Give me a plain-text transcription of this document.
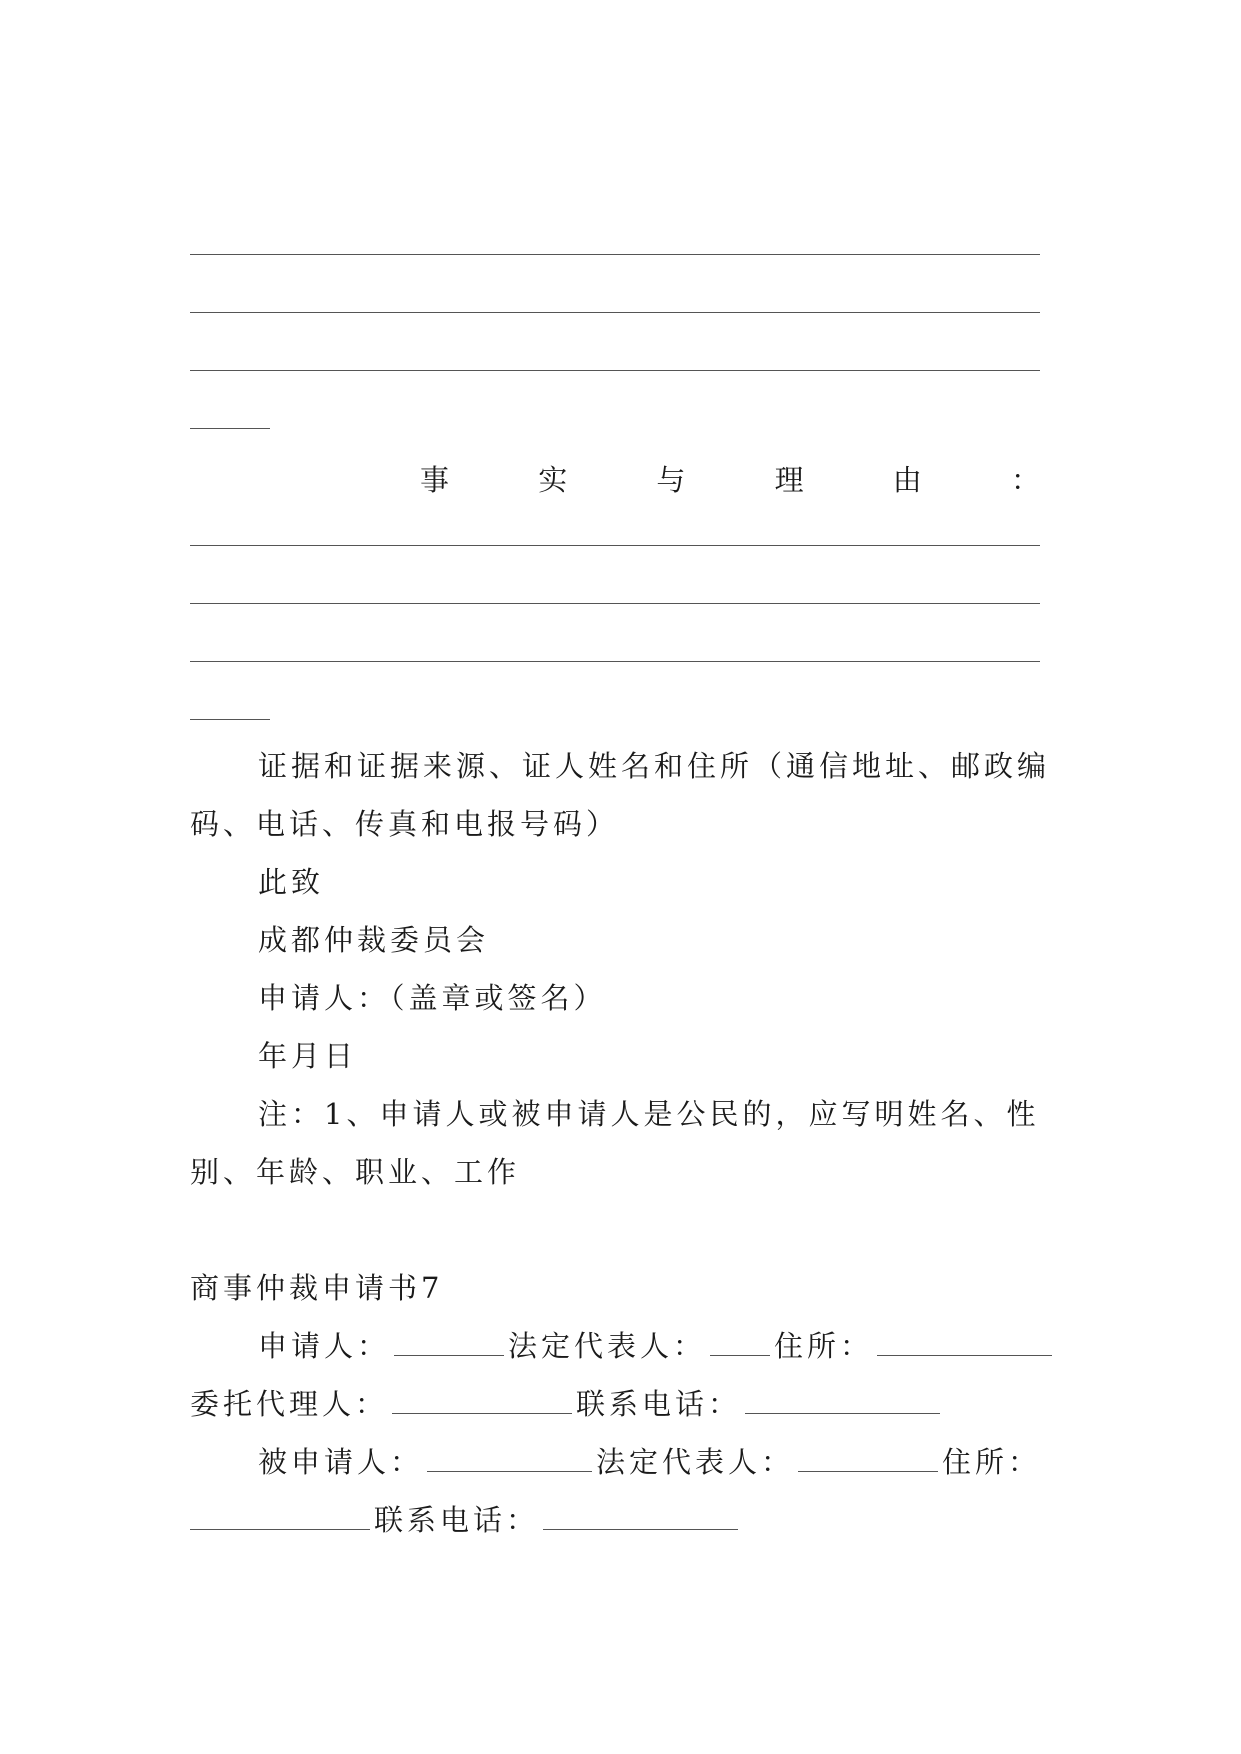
事	实	与	理	由	：
证据和证据来源、证人姓名和住所（通信地址、邮政编
码、电话、传真和电报号码）
此致
成都仲裁委员会
申请人：（盖章或签名）
年月日
注：1、申请人或被申请人是公民的，应写明姓名、性
别、年龄、职业、工作
商事仲裁申请书7
申请人：	法定代表人： 住所：
委托代理人：	联系电话：
被申请人：	法定代表人：	住所：
联系电话：
